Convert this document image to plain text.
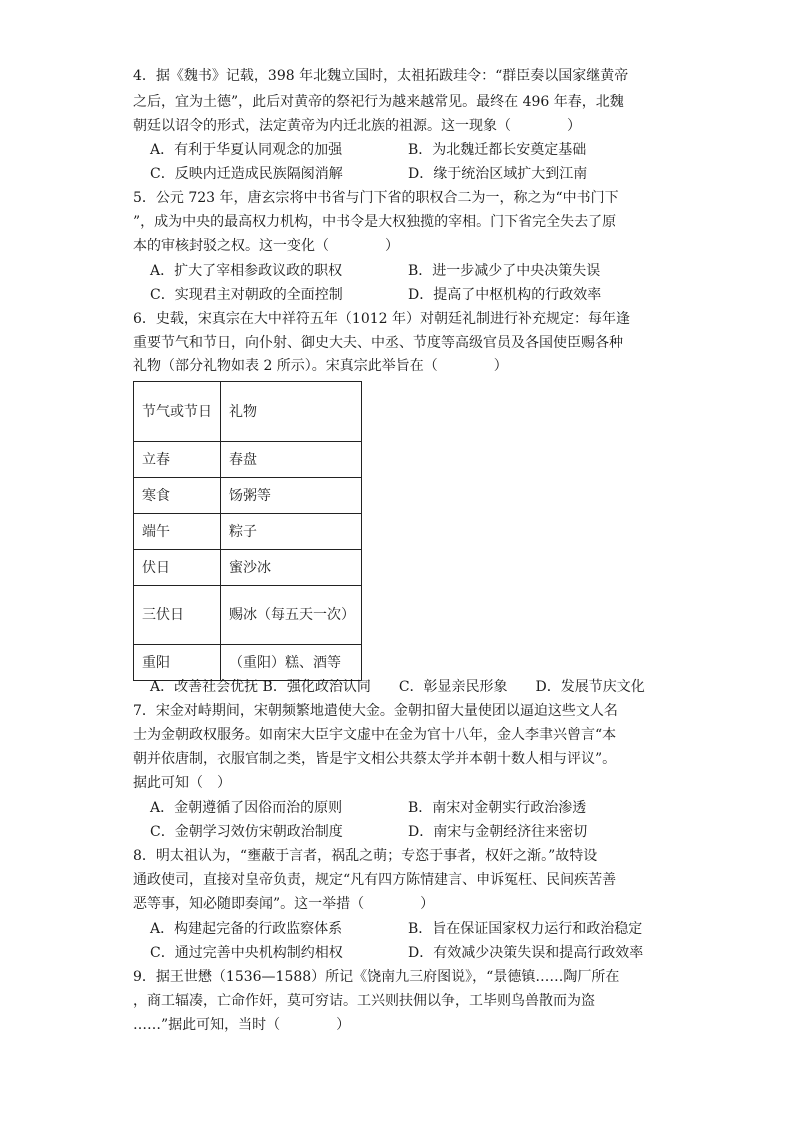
4．据《魏书》记载，398 年北魏立国时，太祖拓跋珪令：“群臣奏以国家继黄帝
之后，宜为土德”，此后对黄帝的祭祀行为越来越常见。最终在 496 年春，北魏
朝廷以诏令的形式，法定黄帝为内迁北族的祖源。这一现象（　　　　）
A．有利于华夏认同观念的加强	B．为北魏迁都长安奠定基础
C．反映内迁造成民族隔阂消解	D．缘于统治区域扩大到江南
5．公元 723 年，唐玄宗将中书省与门下省的职权合二为一，称之为“中书门下
”，成为中央的最高权力机构，中书令是大权独揽的宰相。门下省完全失去了原
本的审核封驳之权。这一变化（　　　　）
A．扩大了宰相参政议政的职权	B．进一步减少了中央决策失误
C．实现君主对朝政的全面控制	D．提高了中枢机构的行政效率
6．史载，宋真宗在大中祥符五年（1012 年）对朝廷礼制进行补充规定：每年逢
重要节气和节日，向仆射、御史大夫、中丞、节度等高级官员及各国使臣赐各种
礼物（部分礼物如表 2 所示）。宋真宗此举旨在（　　　　）
节气或节日	礼物
立春	春盘
寒食	饧粥等
端午	粽子
伏日	蜜沙冰
三伏日	赐冰（每五天一次）
重阳	（重阳）糕、酒等
A．改善社会优抚 B．强化政治认同　　C．彰显亲民形象　　D．发展节庆文化
7．宋金对峙期间，宋朝频繁地遣使大金。金朝扣留大量使团以逼迫这些文人名
士为金朝政权服务。如南宋大臣宇文虚中在金为官十八年，金人李聿兴曾言“本
朝并依唐制，衣服官制之类，皆是宇文相公共蔡太学并本朝十数人相与评议”。
据此可知（　）
A．金朝遵循了因俗而治的原则	B．南宋对金朝实行政治渗透
C．金朝学习效仿宋朝政治制度	D．南宋与金朝经济往来密切
8．明太祖认为，“壅蔽于言者，祸乱之萌；专恣于事者，权奸之渐。”故特设
通政使司，直接对皇帝负责，规定“凡有四方陈情建言、申诉冤枉、民间疾苦善
恶等事，知必随即奏闻”。这一举措（　　　　）
A．构建起完备的行政监察体系	B．旨在保证国家权力运行和政治稳定
C．通过完善中央机构制约相权	D．有效减少决策失误和提高行政效率
9．据王世懋（1536—1588）所记《饶南九三府图说》，“景德镇……陶厂所在
，商工辐凑，亡命作奸，莫可穷诘。工兴则扶佣以争，工毕则鸟兽散而为盗
……”据此可知，当时（　　　　）
